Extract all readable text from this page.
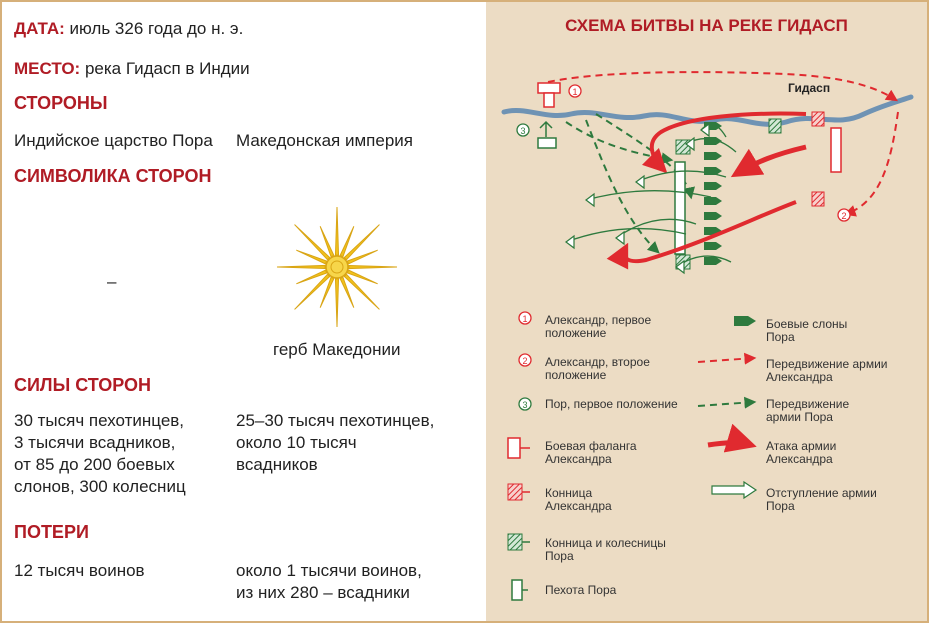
ДАТА: июль 326 года до н. э.
МЕСТО: река Гидасп в Индии
СТОРОНЫ
Индийское царство Пора Македонская империя
СИМВОЛИКА СТОРОН
–
герб Македонии
СИЛЫ СТОРОН
30 тысяч пехотинцев,
3 тысячи всадников,
от 85 до 200 боевых
слонов, 300 колесниц
25–30 тысяч пехотинцев,
около 10 тысяч
всадников
ПОТЕРИ
12 тысяч воинов	около 1 тысячи воинов,
из них 280 – всадники
СХЕМА БИТВЫ НА РЕКЕ ГИДАСП
Гидасп
1
3
2
1
2
3
Александр, первое положение
Боевые слоны Пора
Александр, второе положение
Передвижение армии Александра
Пор, первое положение	Передвижение армии Пора
Боевая фаланга Александра
Атака армии Александра
Конница Александра
Отступление армии Пора
Конница и колесницы Пора
Пехота Пора
